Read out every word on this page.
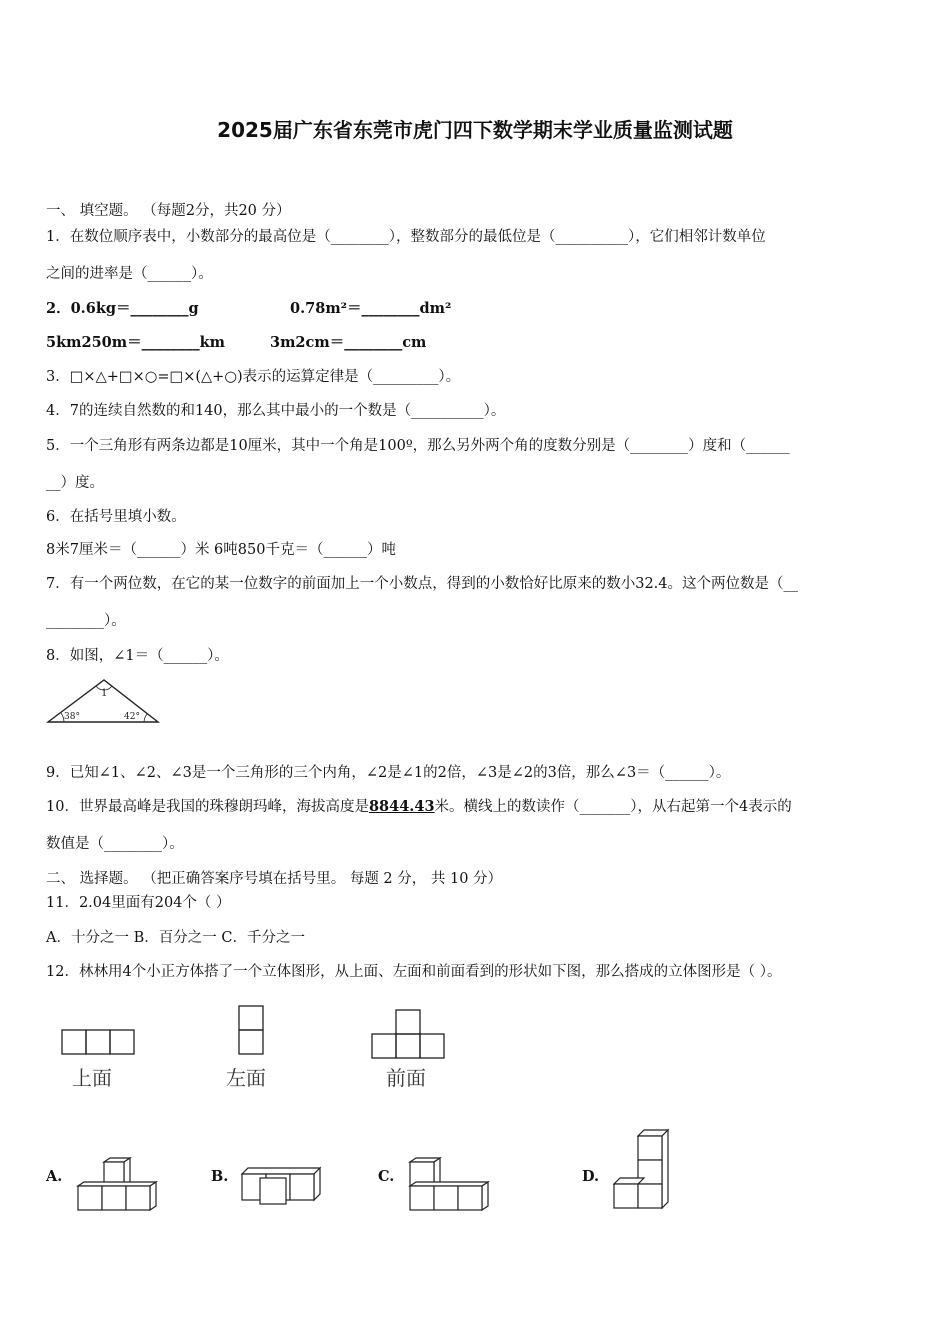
2025届广东省东莞市虎门四下数学期末学业质量监测试题
一、 填空题。 （每题2分，共20 分）
1．在数位顺序表中，小数部分的最高位是（________），整数部分的最低位是（__________），它们相邻计数单位
之间的进率是（______）。
2．0.6kg＝________g	0.78m²＝________dm²
5km250m＝________km	3m2cm＝________cm
3．□×△+□×○=□×(△+○)表示的运算定律是（_________）。
4．7的连续自然数的和140，那么其中最小的一个数是（__________）。
5．一个三角形有两条边都是10厘米，其中一个角是100º，那么另外两个角的度数分别是（________）度和（______
__）度。
6．在括号里填小数。
8米7厘米＝（______）米 6吨850千克＝（______）吨
7．有一个两位数，在它的某一位数字的前面加上一个小数点，得到的小数恰好比原来的数小32.4。这个两位数是（__
________）。
8．如图，∠1＝（______）。
1
38°	42°
9．已知∠1、∠2、∠3是一个三角形的三个内角，∠2是∠1的2倍，∠3是∠2的3倍，那么∠3＝（______）。
10．世界最高峰是我国的珠穆朗玛峰，海拔高度是8844.43米。横线上的数读作（_______），从右起第一个4表示的
数值是（________）。
二、 选择题。 （把正确答案序号填在括号里。 每题 2 分， 共 10 分）
11．2.04里面有204个（ ）
A．十分之一 B．百分之一 C．千分之一
12．林林用4个小正方体搭了一个立体图形，从上面、左面和前面看到的形状如下图，那么搭成的立体图形是（ ）。
上面	左面	前面
A.	B.	C.	D.
